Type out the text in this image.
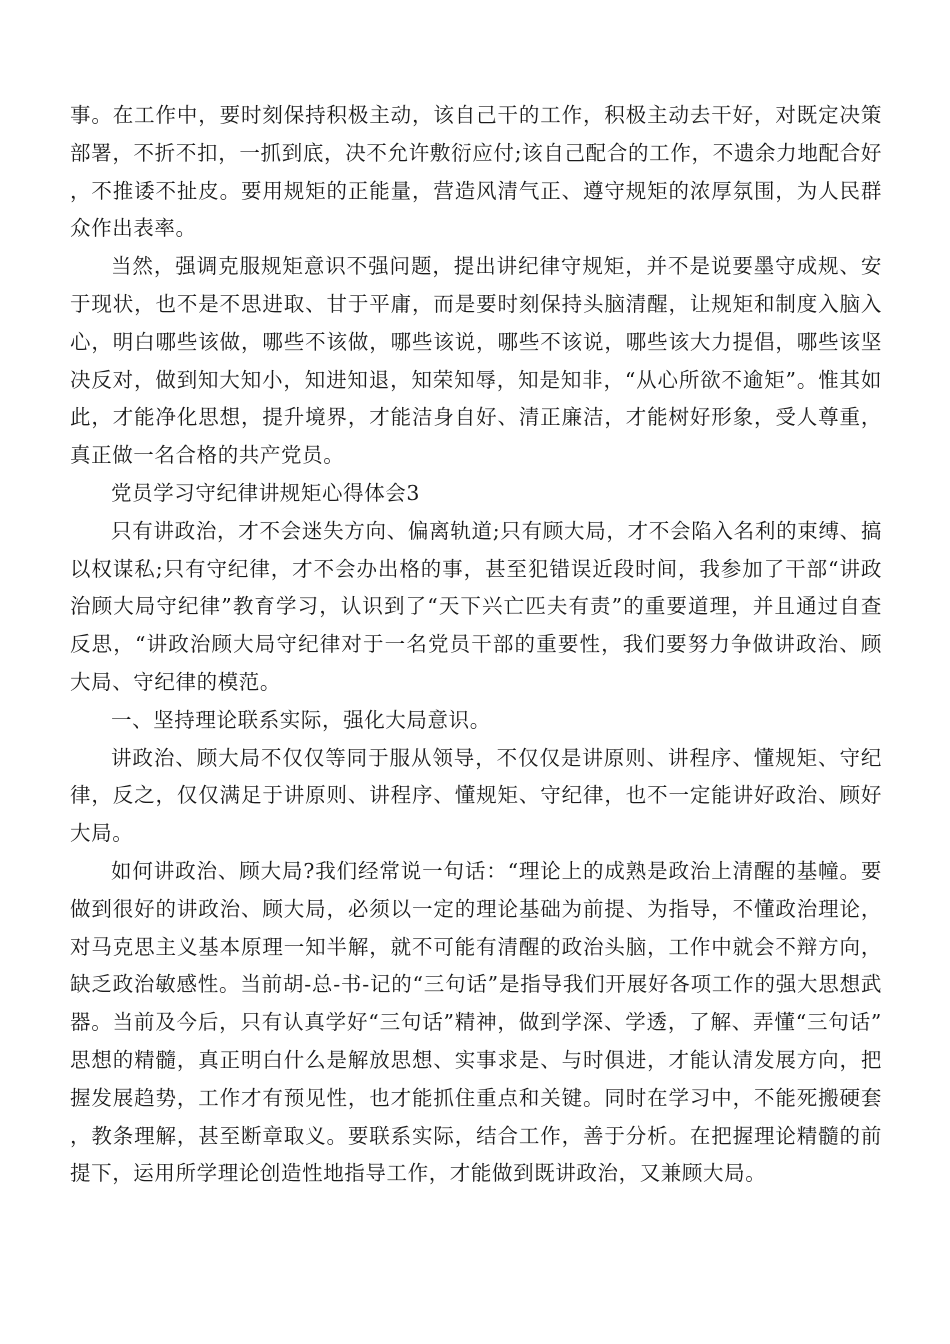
事。在工作中，要时刻保持积极主动，该自己干的工作，积极主动去干好，对既定决策部署，不折不扣，一抓到底，决不允许敷衍应付;该自己配合的工作，不遗余力地配合好，不推诿不扯皮。要用规矩的正能量，营造风清气正、遵守规矩的浓厚氛围，为人民群众作出表率。

当然，强调克服规矩意识不强问题，提出讲纪律守规矩，并不是说要墨守成规、安于现状，也不是不思进取、甘于平庸，而是要时刻保持头脑清醒，让规矩和制度入脑入心，明白哪些该做，哪些不该做，哪些该说，哪些不该说，哪些该大力提倡，哪些该坚决反对，做到知大知小，知进知退，知荣知辱，知是知非，“从心所欲不逾矩”。惟其如此，才能净化思想，提升境界，才能洁身自好、清正廉洁，才能树好形象，受人尊重，真正做一名合格的共产党员。

党员学习守纪律讲规矩心得体会3

只有讲政治，才不会迷失方向、偏离轨道;只有顾大局，才不会陷入名利的束缚、搞以权谋私;只有守纪律，才不会办出格的事，甚至犯错误近段时间，我参加了干部“讲政治顾大局守纪律”教育学习，认识到了“天下兴亡匹夫有责”的重要道理，并且通过自查反思，“讲政治顾大局守纪律对于一名党员干部的重要性，我们要努力争做讲政治、顾大局、守纪律的模范。

一、坚持理论联系实际，强化大局意识。

讲政治、顾大局不仅仅等同于服从领导，不仅仅是讲原则、讲程序、懂规矩、守纪律，反之，仅仅满足于讲原则、讲程序、懂规矩、守纪律，也不一定能讲好政治、顾好大局。

如何讲政治、顾大局?我们经常说一句话：“理论上的成熟是政治上清醒的基幢。要做到很好的讲政治、顾大局，必须以一定的理论基础为前提、为指导，不懂政治理论，对马克思主义基本原理一知半解，就不可能有清醒的政治头脑，工作中就会不辩方向，缺乏政治敏感性。当前胡-总-书-记的“三句话”是指导我们开展好各项工作的强大思想武器。当前及今后，只有认真学好“三句话”精神，做到学深、学透，了解、弄懂“三句话”思想的精髓，真正明白什么是解放思想、实事求是、与时俱进，才能认清发展方向，把握发展趋势，工作才有预见性，也才能抓住重点和关键。同时在学习中，不能死搬硬套，教条理解，甚至断章取义。要联系实际，结合工作，善于分析。在把握理论精髓的前提下，运用所学理论创造性地指导工作，才能做到既讲政治，又兼顾大局。
